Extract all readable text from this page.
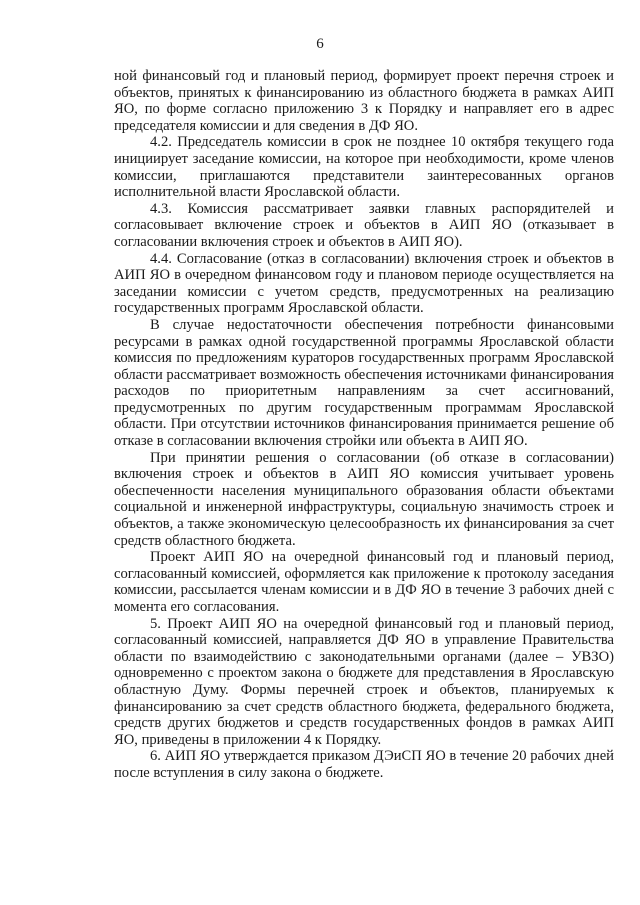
6

ной финансовый год и плановый период, формирует проект перечня строек и объектов, принятых к финансированию из областного бюджета в рамках АИП ЯО, по форме согласно приложению 3 к Порядку и направляет его в адрес председателя комиссии и для сведения в ДФ ЯО.

4.2. Председатель комиссии в срок не позднее 10 октября текущего года инициирует заседание комиссии, на которое при необходимости, кроме членов комиссии, приглашаются представители заинтересованных органов исполнительной власти Ярославской области.

4.3. Комиссия рассматривает заявки главных распорядителей и согласовывает включение строек и объектов в АИП ЯО (отказывает в согласовании включения строек и объектов в АИП ЯО).

4.4. Согласование (отказ в согласовании) включения строек и объектов в АИП ЯО в очередном финансовом году и плановом периоде осуществляется на заседании комиссии с учетом средств, предусмотренных на реализацию государственных программ Ярославской области.

В случае недостаточности обеспечения потребности финансовыми ресурсами в рамках одной государственной программы Ярославской области комиссия по предложениям кураторов государственных программ Ярославской области рассматривает возможность обеспечения источниками финансирования расходов по приоритетным направлениям за счет ассигнований, предусмотренных по другим государственным программам Ярославской области. При отсутствии источников финансирования принимается решение об отказе в согласовании включения стройки или объекта в АИП ЯО.

При принятии решения о согласовании (об отказе в согласовании) включения строек и объектов в АИП ЯО комиссия учитывает уровень обеспеченности населения муниципального образования области объектами социальной и инженерной инфраструктуры, социальную значимость строек и объектов, а также экономическую целесообразность их финансирования за счет средств областного бюджета.

Проект АИП ЯО на очередной финансовый год и плановый период, согласованный комиссией, оформляется как приложение к протоколу заседания комиссии, рассылается членам комиссии и в ДФ ЯО в течение 3 рабочих дней с момента его согласования.

5. Проект АИП ЯО на очередной финансовый год и плановый период, согласованный комиссией, направляется ДФ ЯО в управление Правительства области по взаимодействию с законодательными органами (далее – УВЗО) одновременно с проектом закона о бюджете для представления в Ярославскую областную Думу. Формы перечней строек и объектов, планируемых к финансированию за счет средств областного бюджета, федерального бюджета, средств других бюджетов и средств государственных фондов в рамках АИП ЯО, приведены в приложении 4 к Порядку.

6. АИП ЯО утверждается приказом ДЭиСП ЯО в течение 20 рабочих дней после вступления в силу закона о бюджете.
